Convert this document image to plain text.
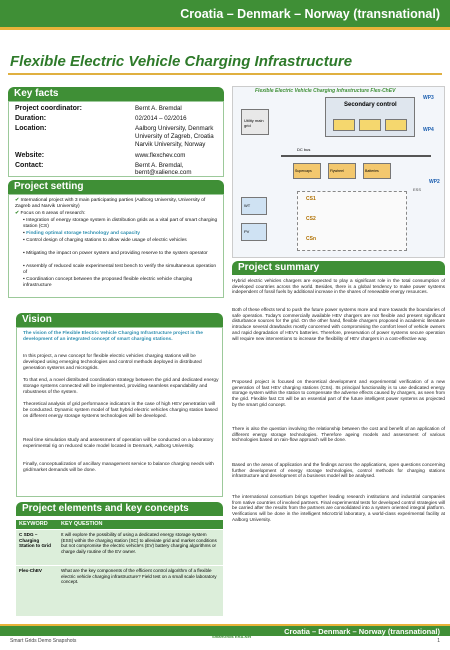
Croatia – Denmark – Norway (transnational)
Flexible Electric Vehicle Charging Infrastructure
Key facts
Project coordinator:	Bernt A. Bremdal
Duration:	02/2014 – 02/2016
Location:	Aalborg University, Denmark
University of Zagreb, Croatia
Narvik University, Norway
Website:	www.flexchev.com
Contact:	Bernt A. Bremdal,
bernt@xalience.com
Project setting
✔ International project with 3 main participating parties (Aalborg University, University of Zagreb and Narvik University)
✔ Focus on 6 areas of research:
▪ Integration of energy storage system in distribution grids as a vital part of smart charging station (CS)
▪ Finding optimal storage technology and capacity
▪ Control design of charging stations to allow wide usage of electric vehicles
▪ Mitigating the impact on power system and providing reserve to the system operator
▪ Assembly of reduced scale experimental test bench to verify the simultaneous operation of
▪ Coordination concept between the proposed flexible electric vehicle charging infrastructure
Vision

The vision of the Flexible Electric Vehicle Charging Infrastructure project is the development of an integrated concept of smart charging stations.

In this project, a new concept for flexible electric vehicles charging stations will be developed using emerging technologies and control methods deployed in distributed generation systems and microgrids.

To that end, a novel distributed coordination strategy between the grid and dedicated energy storage systems connected will be implemented, providing seamless expandability and robustness of the system.

Theoretical analysis of grid performance indicators in the case of high HEV penetration will be conducted. Dynamic system model of fast hybrid electric vehicles charging station based on different energy storage systems technologies will be developed.

Real time simulation study and assessment of operation will be conducted on a laboratory experimental rig on reduced scale model located in Denmark, Aalborg University.

Finally, conceptualization of ancillary management service to balance charging needs with grid/market demands will be done.

Project elements and key concepts
KEYWORD	KEY QUESTION
C SDG – Charging Station to Grid	It will explore the possibility of using a dedicated energy storage system (ESS) within the charging station (SC) to alleviate grid and market conditions but not compromise the electric vehicle's (EV) battery charging algorithms or charge daily routine of the EV owner.
Flex-ChEV	What are the key components of the efficient control algorithm of a flexible electric vehicle charging infrastructure? Field test on a small scale laboratory concept.
Flexible Electric Vehicle Charging Infrastructure Flex-ChEV
Secondary control
WP3
WP4
Utility main grid
DC bus
Supercaps	Flywheel	Batteries
WP2
CS1
CS2
CSn
WT
PV
ESS
Project summary

Hybrid electric vehicles chargers are expected to play a significant role in the total consumption of developed countries across the world. Besides, there is a global tendency to make power systems independent of fossil fuels by additional increase in the shares of renewable energy resources.

Both of these effects tend to push the future power systems more and more towards the boundaries of safe operation. Today's commercially available HEV chargers are not flexible and present significant disturbance sources for the grid. On the other hand, flexible chargers proposed in academic literature introduce several drawbacks mostly concerned with compromising the comfort level of vehicle owners and rapid degradation of HEV's batteries. Therefore, preservation of power systems secure operation will require new interventions to increase the flexibility of HEV chargers in a cost-effective way.

Proposed project is focused on theoretical development and experimental verification of a new generation of fast HEV charging stations (CSs). Its principal functionality is to use dedicated energy storage system within the station to compensate the adverse effects caused by chargers, as seen from the grid. Flexible fast CS will be an essential part of the future intelligent power systems as projected by the smart grid concept.

There is also the question involving the relationship between the cost and benefit of an application of different energy storage technologies. Therefore ageing models and assessment of various technologies based on rain-flow approach will be done.

Based on the areas of application and the findings across the applications, open questions concerning further development of energy storage technologies, control methods for charging stations infrastructure and development of a business model will be analysed.

The international consortium brings together leading research institutions and industrial companies from native countries of involved partners. Final experimental tests for developed control strategies will be carried after the results from the partners are consolidated into a system oriented integral platform. Verifications will be done in the intelligent MicroGrid laboratory, a world-class experimental facility at Aalborg University.

Croatia – Denmark – Norway (transnational)
Smart Grids Demo Snapshots
SmartGrids ERA-Net
1
